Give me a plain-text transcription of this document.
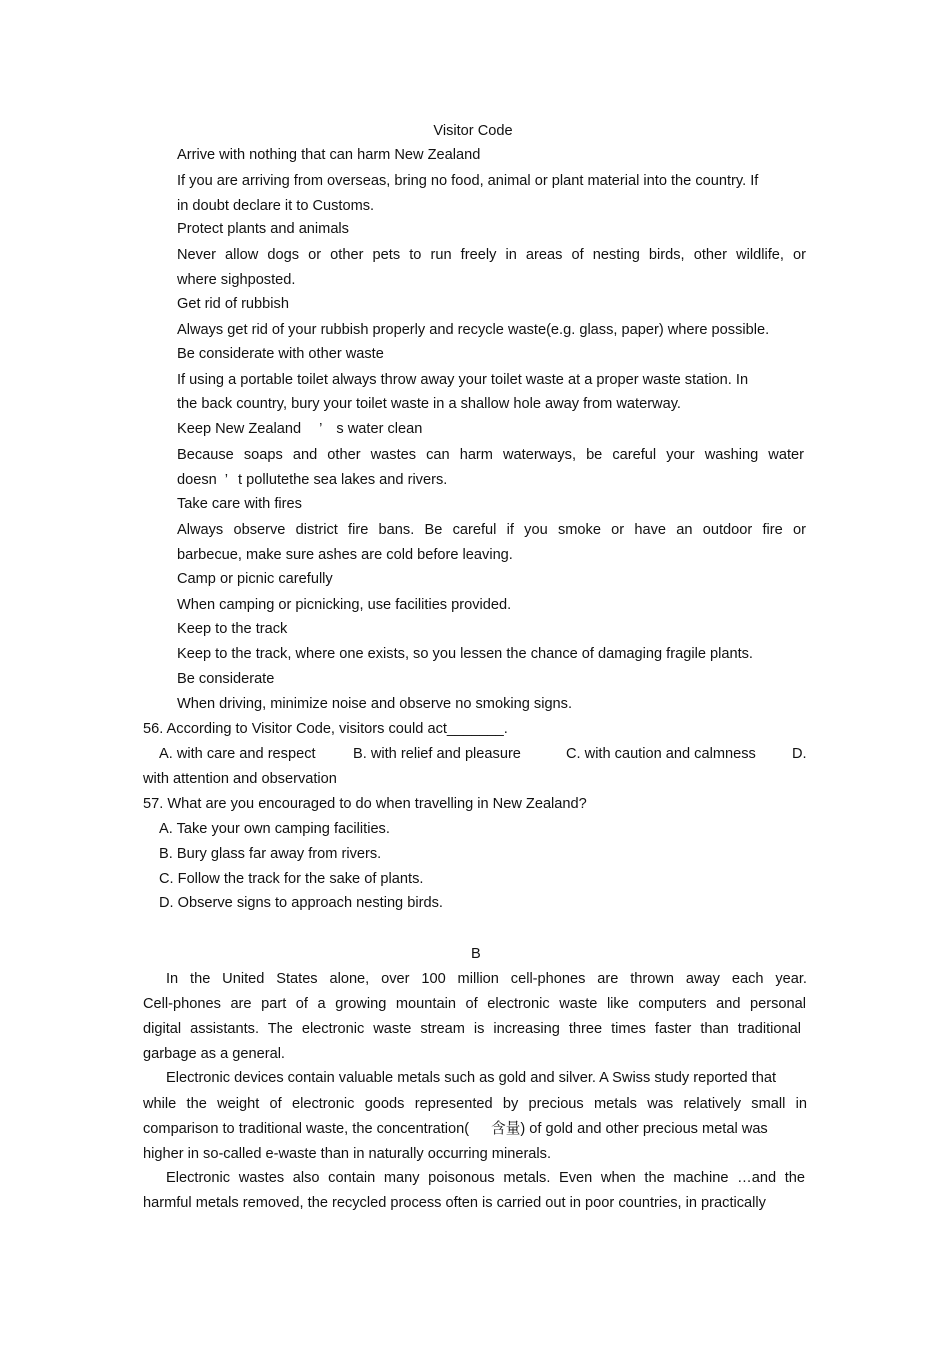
Visitor Code
Arrive with nothing that can harm New Zealand
If you are arriving from overseas, bring no food, animal or plant material into the country. If
in doubt declare it to Customs.
Protect plants and animals
Never allow dogs or other pets to run freely in areas of nesting birds, other wildlife, or
where sighposted.
Get rid of rubbish
Always get rid of your rubbish properly and recycle waste(e.g. glass, paper) where possible.
Be considerate with other waste
If using a portable toilet always throw away your toilet waste at a proper waste station. In
the back country, bury your toilet waste in a shallow hole away from waterway.
Keep New Zealand ’ s water clean
Because soaps and other wastes can harm waterways, be careful your washing water
doesn ’ t pollutethe sea lakes and rivers.
Take care with fires
Always observe district fire bans. Be careful if you smoke or have an outdoor fire or
barbecue, make sure ashes are cold before leaving.
Camp or picnic carefully
When camping or picnicking, use facilities provided.
Keep to the track
Keep to the track, where one exists, so you lessen the chance of damaging fragile plants.
Be considerate
When driving, minimize noise and observe no smoking signs.
56. According to Visitor Code, visitors could act_______.
A. with care and respect	B. with relief and pleasure	C. with caution and calmness D.
with attention and observation
57. What are you encouraged to do when travelling in New Zealand?
A. Take your own camping facilities.
B. Bury glass far away from rivers.
C. Follow the track for the sake of plants.
D. Observe signs to approach nesting birds.
B
In the United States alone, over 100 million cell-phones are thrown away each year.
Cell-phones are part of a growing mountain of electronic waste like computers and personal
digital assistants. The electronic waste stream is increasing three times faster than traditional
garbage as a general.
Electronic devices contain valuable metals such as gold and silver. A Swiss study reported that
while the weight of electronic goods represented by precious metals was relatively small in
comparison to traditional waste, the concentration( 含量) of gold and other precious metal was
higher in so-called e-waste than in naturally occurring minerals.
Electronic wastes also contain many poisonous metals. Even when the machine …and the
harmful metals removed, the recycled process often is carried out in poor countries, in practically
